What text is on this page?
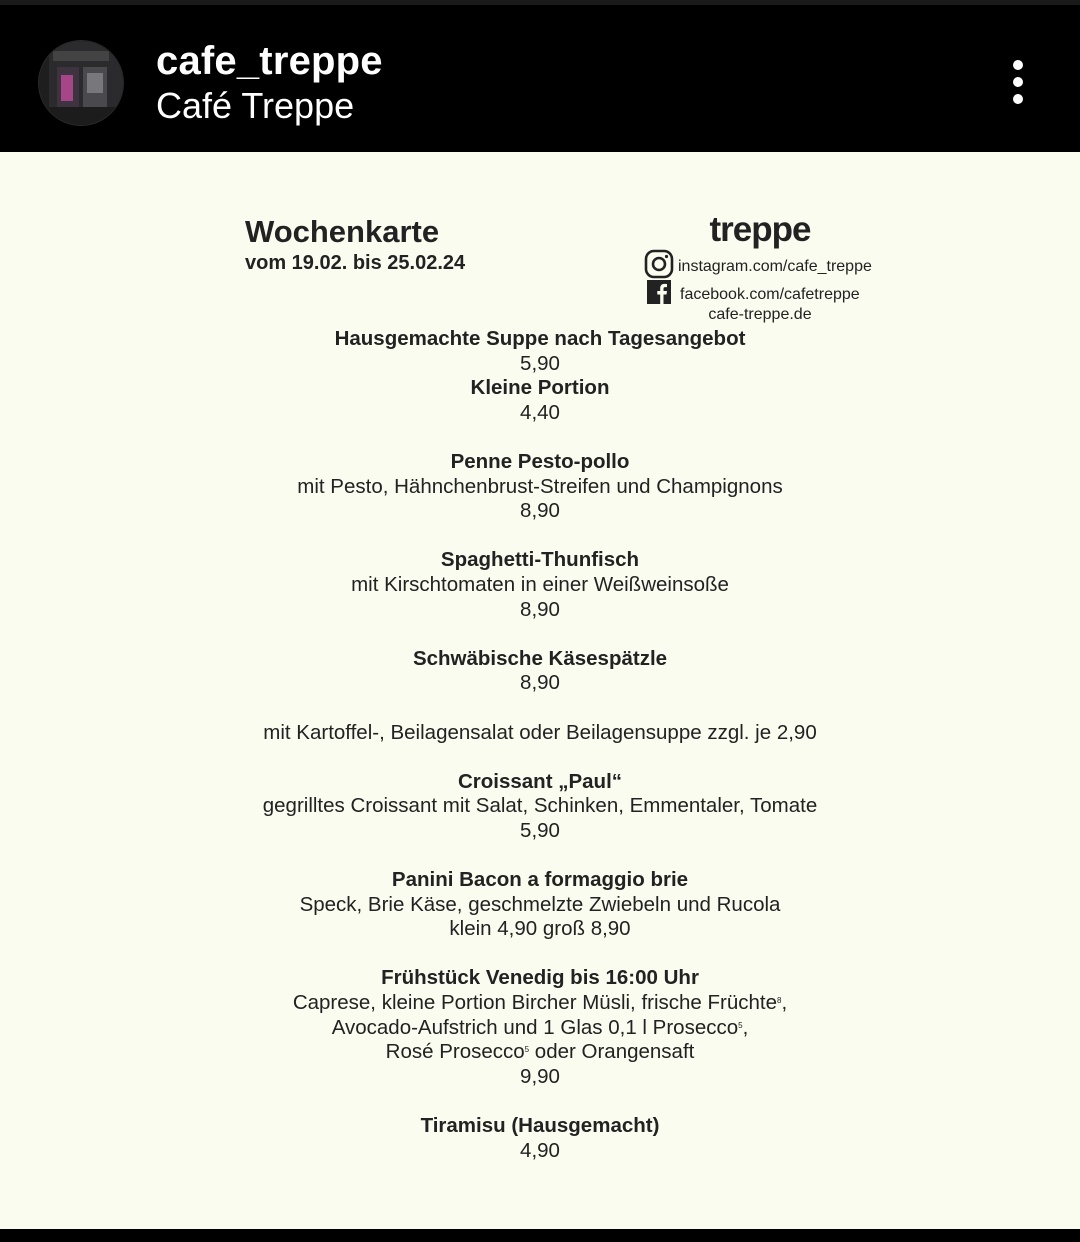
cafe_treppe
Café Treppe
Wochenkarte
vom 19.02. bis 25.02.24
treppe
instagram.com/cafe_treppe
facebook.com/cafetreppe
cafe-treppe.de
Hausgemachte Suppe nach Tagesangebot
5,90
Kleine Portion
4,40
Penne Pesto-pollo
mit Pesto, Hähnchenbrust-Streifen und Champignons
8,90
Spaghetti-Thunfisch
mit Kirschtomaten in einer Weißweinsoße
8,90
Schwäbische Käsespätzle
8,90
mit Kartoffel-, Beilagensalat oder Beilagensuppe zzgl. je 2,90
Croissant „Paul“
gegrilltes Croissant mit Salat, Schinken, Emmentaler, Tomate
5,90
Panini Bacon a formaggio brie
Speck, Brie Käse, geschmelzte Zwiebeln und Rucola
klein 4,90 groß 8,90
Frühstück Venedig bis 16:00 Uhr
Caprese, kleine Portion Bircher Müsli, frische Früchte$^8$,
Avocado-Aufstrich und 1 Glas 0,1 l Prosecco$^5$,
Rosé Prosecco$^5$ oder Orangensaft
9,90
Tiramisu (Hausgemacht)
4,90
